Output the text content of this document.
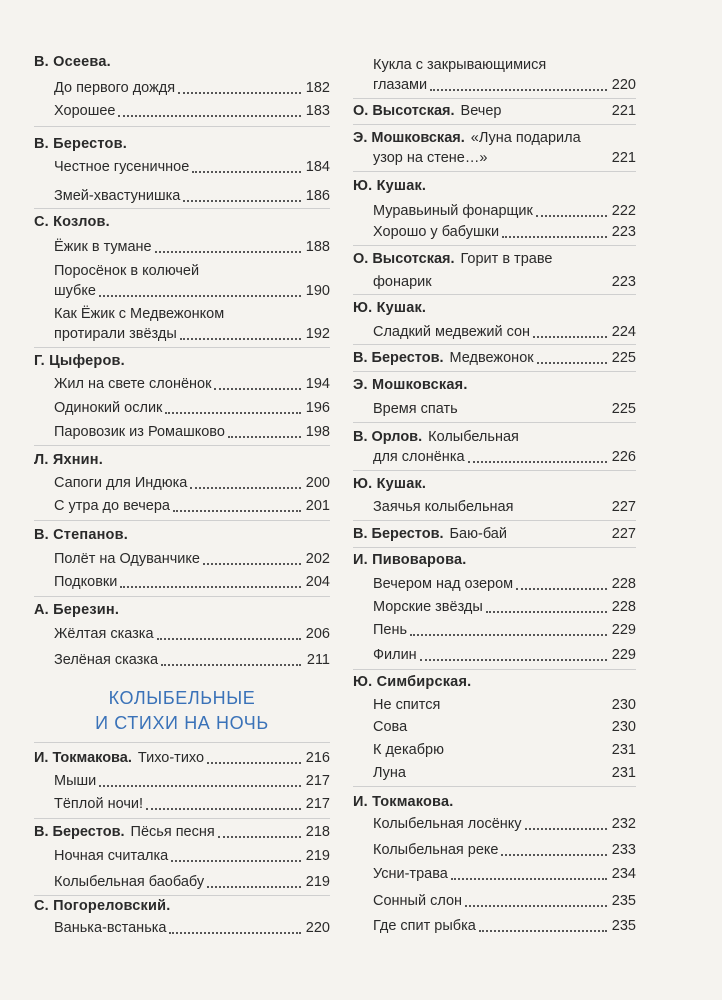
В. Осеева.
До первого дождя	182
Хорошее	183
В. Берестов.
Честное гусеничное	184
Змей-хвастунишка	186
С. Козлов.
Ёжик в тумане	188
Поросёнок в колючей
шубке	190
Как Ёжик с Медвежонком
протирали звёзды	192
Г. Цыферов.
Жил на свете слонёнок	194
Одинокий ослик	196
Паровозик из Ромашково	198
Л. Яхнин.
Сапоги для Индюка	200
С утра до вечера	201
В. Степанов.
Полёт на Одуванчике	202
Подковки	204
А. Березин.
Жёлтая сказка	206
Зелёная сказка	211
КОЛЫБЕЛЬНЫЕ
И СТИХИ НА НОЧЬ
И. Токмакова. Тихо-тихо	216
Мыши	217
Тёплой ночи!	217
В. Берестов. Пёсья песня	218
Ночная считалка	219
Колыбельная баобабу	219
С. Погореловский.
Ванька-встанька	220
Кукла с закрывающимися
глазами	220
О. Высотская. Вечер	221
Э. Мошковская. «Луна подарила
узор на стене…»	221
Ю. Кушак.
Муравьиный фонарщик	222
Хорошо у бабушки	223
О. Высотская. Горит в траве
фонарик	223
Ю. Кушак.
Сладкий медвежий сон	224
В. Берестов. Медвежонок	225
Э. Мошковская.
Время спать	225
В. Орлов. Колыбельная
для слонёнка	226
Ю. Кушак.
Заячья колыбельная	227
В. Берестов. Баю-бай	227
И. Пивоварова.
Вечером над озером	228
Морские звёзды	228
Пень	229
Филин	229
Ю. Симбирская.
Не спится	230
Сова	230
К декабрю	231
Луна	231
И. Токмакова.
Колыбельная лосёнку	232
Колыбельная реке	233
Усни-трава	234
Сонный слон	235
Где спит рыбка	235
